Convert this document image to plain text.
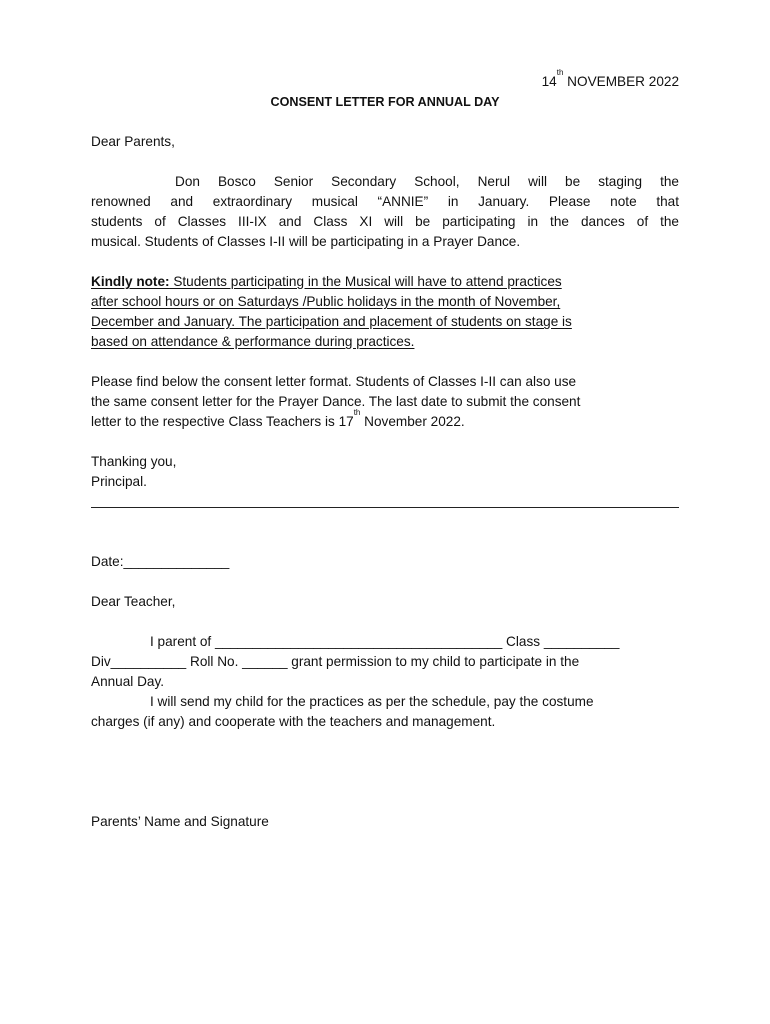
14th NOVEMBER 2022
CONSENT LETTER FOR ANNUAL DAY
Dear Parents,
Don Bosco Senior Secondary School, Nerul will be staging the
renowned and extraordinary musical “ANNIE” in January. Please note that
students of Classes III-IX and Class XI will be participating in the dances of the
musical. Students of Classes I-II will be participating in a Prayer Dance.
Kindly note: Students participating in the Musical will have to attend practices
after school hours or on Saturdays /Public holidays in the month of November,
December and January. The participation and placement of students on stage is
based on attendance & performance during practices.
Please find below the consent letter format. Students of Classes I-II can also use
the same consent letter for the Prayer Dance. The last date to submit the consent
letter to the respective Class Teachers is 17th November 2022.
Thanking you,
Principal.
Date:______________
Dear Teacher,
I parent of ______________________________________ Class __________
Div__________ Roll No. ______ grant permission to my child to participate in the
Annual Day.
I will send my child for the practices as per the schedule, pay the costume
charges (if any) and cooperate with the teachers and management.
Parents’ Name and Signature
